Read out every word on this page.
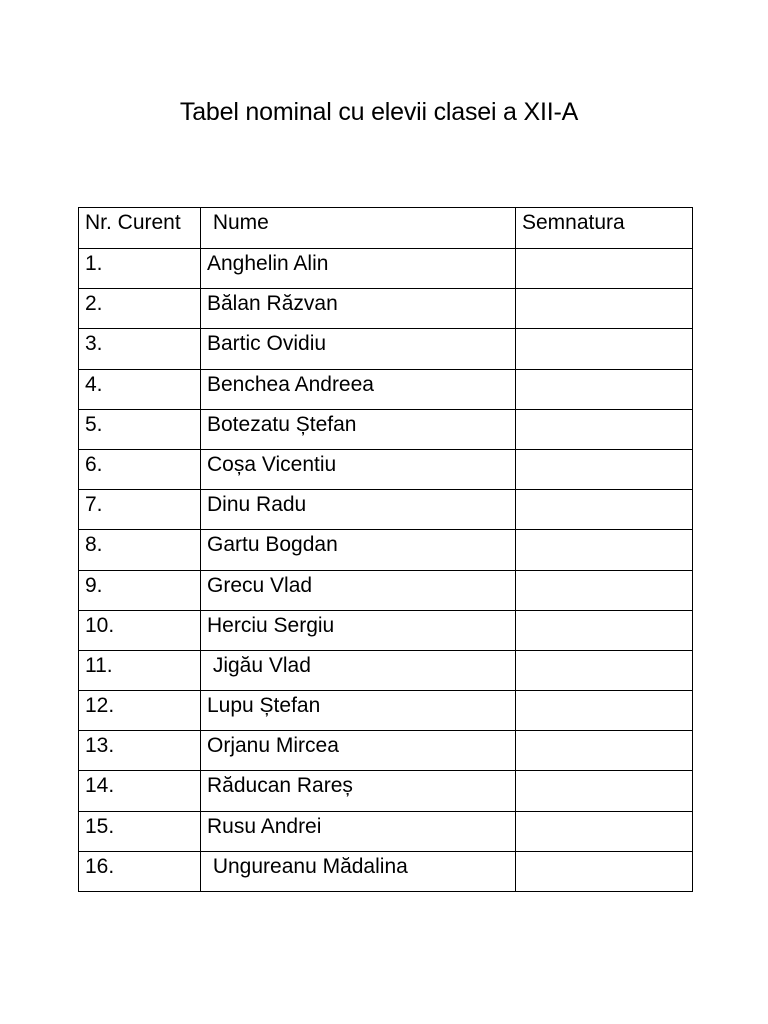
Tabel nominal cu elevii clasei a XII-A
Nr. Curent	Nume	Semnatura
1.	Anghelin Alin	
2.	Bălan Răzvan	
3.	Bartic Ovidiu	
4.	Benchea Andreea	
5.	Botezatu Ștefan	
6.	Coșa Vicentiu	
7.	Dinu Radu	
8.	Gartu Bogdan	
9.	Grecu Vlad	
10.	Herciu Sergiu	
11.	Jigău Vlad	
12.	Lupu Ștefan	
13.	Orjanu Mircea	
14.	Răducan Rareș	
15.	Rusu Andrei	
16.	Ungureanu Mădalina	
